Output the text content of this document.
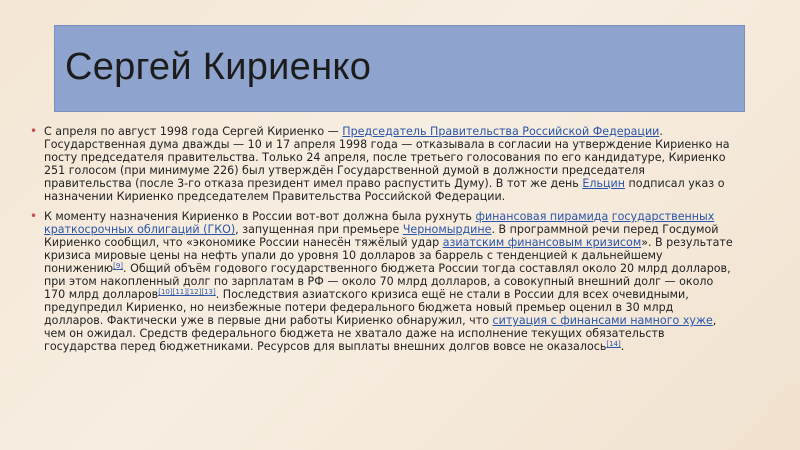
Сергей Кириенко
• С апреля по август 1998 года Сергей Кириенко — Председатель Правительства Российской Федерации. Государственная дума дважды — 10 и 17 апреля 1998 года — отказывала в согласии на утверждение Кириенко на посту председателя правительства. Только 24 апреля, после третьего голосования по его кандидатуре, Кириенко 251 голосом (при минимуме 226) был утверждён Государственной думой в должности председателя правительства (после 3-го отказа президент имел право распустить Думу). В тот же день Ельцин подписал указ о назначении Кириенко председателем Правительства Российской Федерации.
• К моменту назначения Кириенко в России вот-вот должна была рухнуть финансовая пирамида государственных краткосрочных облигаций (ГКО), запущенная при премьере Черномырдине. В программной речи перед Госдумой Кириенко сообщил, что «экономике России нанесён тяжёлый удар азиатским финансовым кризисом». В результате кризиса мировые цены на нефть упали до уровня 10 долларов за баррель с тенденцией к дальнейшему понижению[9]. Общий объём годового государственного бюджета России тогда составлял около 20 млрд долларов, при этом накопленный долг по зарплатам в РФ — около 70 млрд долларов, а совокупный внешний долг — около 170 млрд долларов[10][11][12][13]. Последствия азиатского кризиса ещё не стали в России для всех очевидными, предупредил Кириенко, но неизбежные потери федерального бюджета новый премьер оценил в 30 млрд долларов. Фактически уже в первые дни работы Кириенко обнаружил, что ситуация с финансами намного хуже, чем он ожидал. Средств федерального бюджета не хватало даже на исполнение текущих обязательств государства перед бюджетниками. Ресурсов для выплаты внешних долгов вовсе не оказалось[14].
